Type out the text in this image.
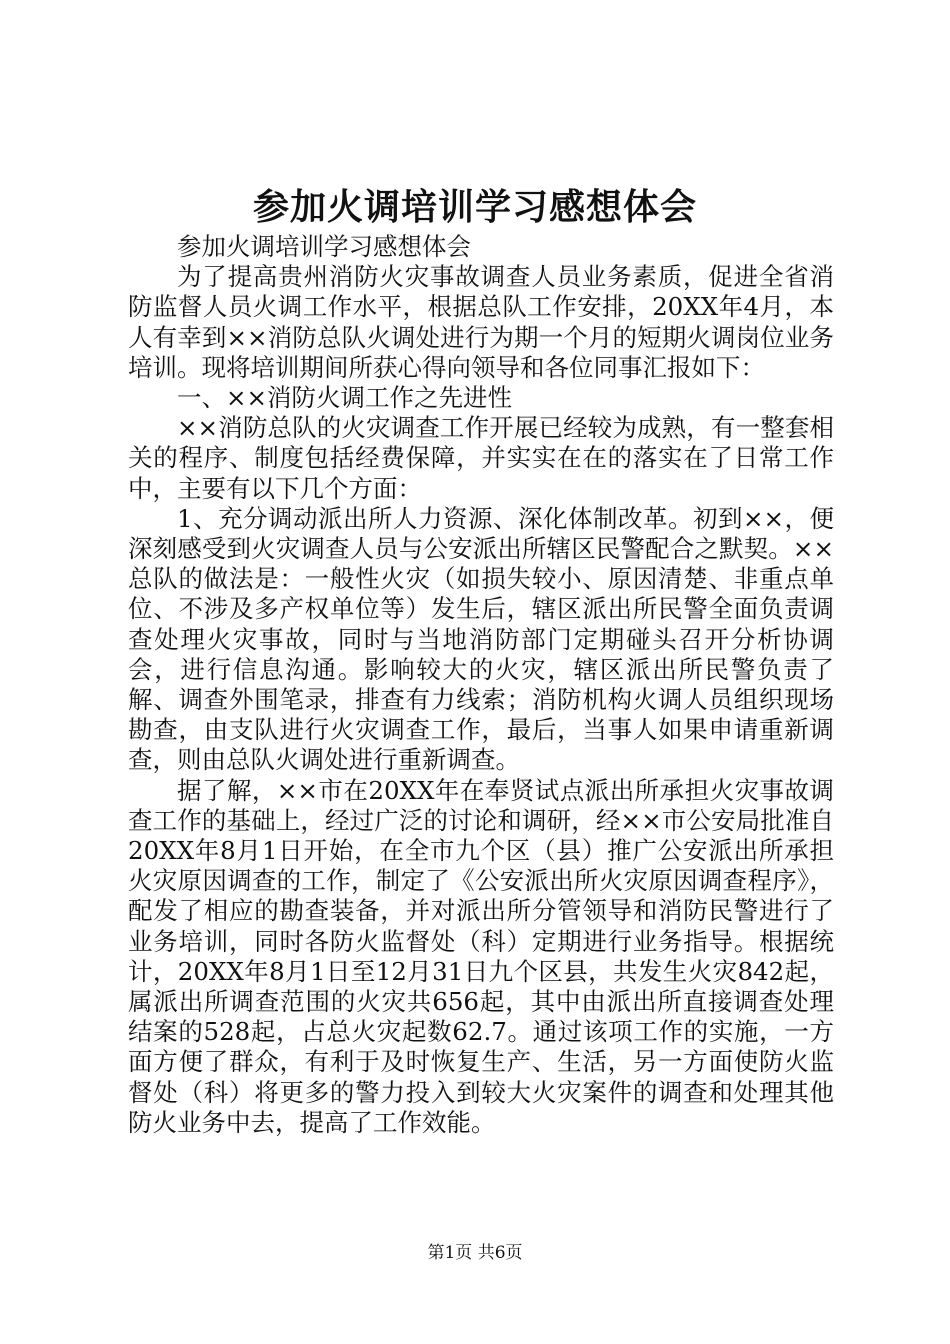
参加火调培训学习感想体会

参加火调培训学习感想体会

为了提高贵州消防火灾事故调查人员业务素质，促进全省消防监督人员火调工作水平，根据总队工作安排，20XX年4月，本人有幸到××消防总队火调处进行为期一个月的短期火调岗位业务培训。现将培训期间所获心得向领导和各位同事汇报如下：

一、××消防火调工作之先进性

××消防总队的火灾调查工作开展已经较为成熟，有一整套相关的程序、制度包括经费保障，并实实在在的落实在了日常工作中，主要有以下几个方面：

1、充分调动派出所人力资源、深化体制改革。初到××，便深刻感受到火灾调查人员与公安派出所辖区民警配合之默契。××总队的做法是：一般性火灾（如损失较小、原因清楚、非重点单位、不涉及多产权单位等）发生后，辖区派出所民警全面负责调查处理火灾事故，同时与当地消防部门定期碰头召开分析协调会，进行信息沟通。影响较大的火灾，辖区派出所民警负责了解、调查外围笔录，排查有力线索；消防机构火调人员组织现场勘查，由支队进行火灾调查工作，最后，当事人如果申请重新调查，则由总队火调处进行重新调查。

据了解，××市在20XX年在奉贤试点派出所承担火灾事故调查工作的基础上，经过广泛的讨论和调研，经××市公安局批准自20XX年8月1日开始，在全市九个区（县）推广公安派出所承担火灾原因调查的工作，制定了《公安派出所火灾原因调查程序》，配发了相应的勘查装备，并对派出所分管领导和消防民警进行了业务培训，同时各防火监督处（科）定期进行业务指导。根据统计，20XX年8月1日至12月31日九个区县，共发生火灾842起，属派出所调查范围的火灾共656起，其中由派出所直接调查处理结案的528起，占总火灾起数62.7。通过该项工作的实施，一方面方便了群众，有利于及时恢复生产、生活，另一方面使防火监督处（科）将更多的警力投入到较大火灾案件的调查和处理其他防火业务中去，提高了工作效能。

第1页 共6页
